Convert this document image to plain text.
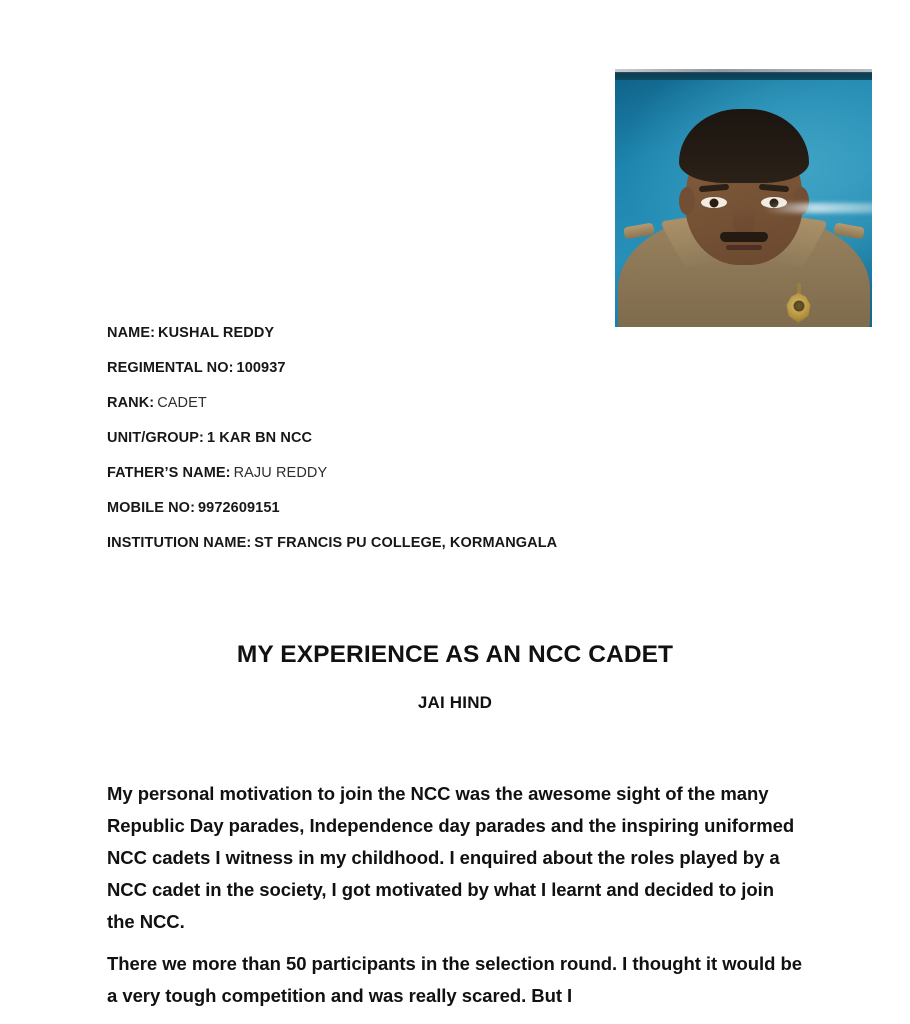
NAME: KUSHAL REDDY
REGIMENTAL NO: 100937
RANK: CADET
UNIT/GROUP: 1 KAR BN NCC
FATHER’S NAME: RAJU REDDY
MOBILE NO: 9972609151
INSTITUTION NAME: ST FRANCIS PU COLLEGE, KORMANGALA
MY EXPERIENCE AS AN NCC CADET
JAI HIND

My personal motivation to join the NCC was the awesome sight of the many Republic Day parades, Independence day parades and the inspiring uniformed NCC cadets I witness in my childhood. I enquired about the roles played by a NCC cadet in the society, I got motivated by what I learnt and decided to join the NCC.

There we more than 50 participants in the selection round. I thought it would be a very tough competition and was really scared. But I
